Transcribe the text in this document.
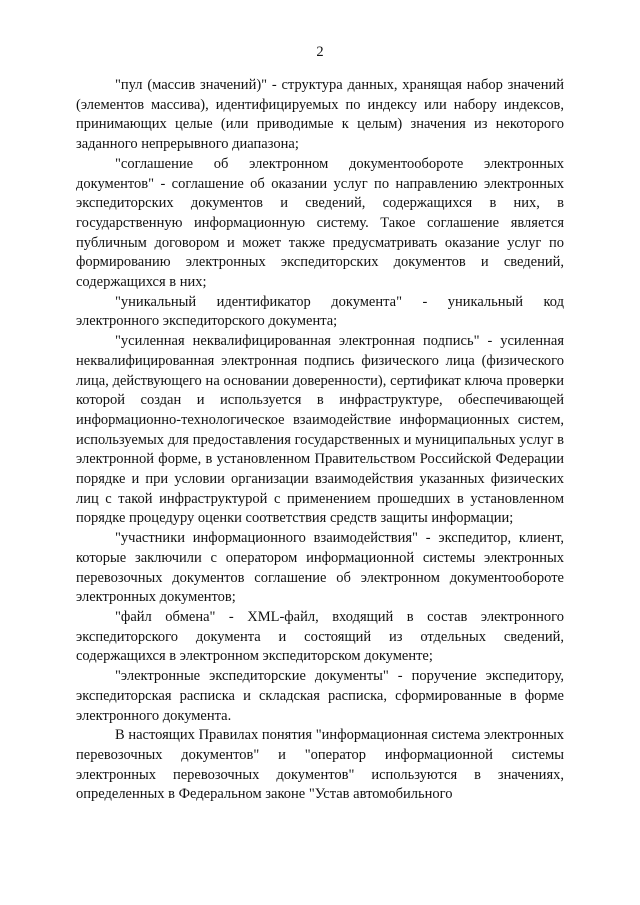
2

"пул (массив значений)" - структура данных, хранящая набор значений (элементов массива), идентифицируемых по индексу или набору индексов, принимающих целые (или приводимые к целым) значения из некоторого заданного непрерывного диапазона;

"соглашение об электронном документообороте электронных документов" - соглашение об оказании услуг по направлению электронных экспедиторских документов и сведений, содержащихся в них, в государственную информационную систему. Такое соглашение является публичным договором и может также предусматривать оказание услуг по формированию электронных экспедиторских документов и сведений, содержащихся в них;

"уникальный идентификатор документа" - уникальный код электронного экспедиторского документа;

"усиленная неквалифицированная электронная подпись" - усиленная неквалифицированная электронная подпись физического лица (физического лица, действующего на основании доверенности), сертификат ключа проверки которой создан и используется в инфраструктуре, обеспечивающей информационно-технологическое взаимодействие информационных систем, используемых для предоставления государственных и муниципальных услуг в электронной форме, в установленном Правительством Российской Федерации порядке и при условии организации взаимодействия указанных физических лиц с такой инфраструктурой с применением прошедших в установленном порядке процедуру оценки соответствия средств защиты информации;

"участники информационного взаимодействия" - экспедитор, клиент, которые заключили с оператором информационной системы электронных перевозочных документов соглашение об электронном документообороте электронных документов;

"файл обмена" - XML-файл, входящий в состав электронного экспедиторского документа и состоящий из отдельных сведений, содержащихся в электронном экспедиторском документе;

"электронные экспедиторские документы" - поручение экспедитору, экспедиторская расписка и складская расписка, сформированные в форме электронного документа.

В настоящих Правилах понятия "информационная система электронных перевозочных документов" и "оператор информационной системы электронных перевозочных документов" используются в значениях, определенных в Федеральном законе "Устав автомобильного
